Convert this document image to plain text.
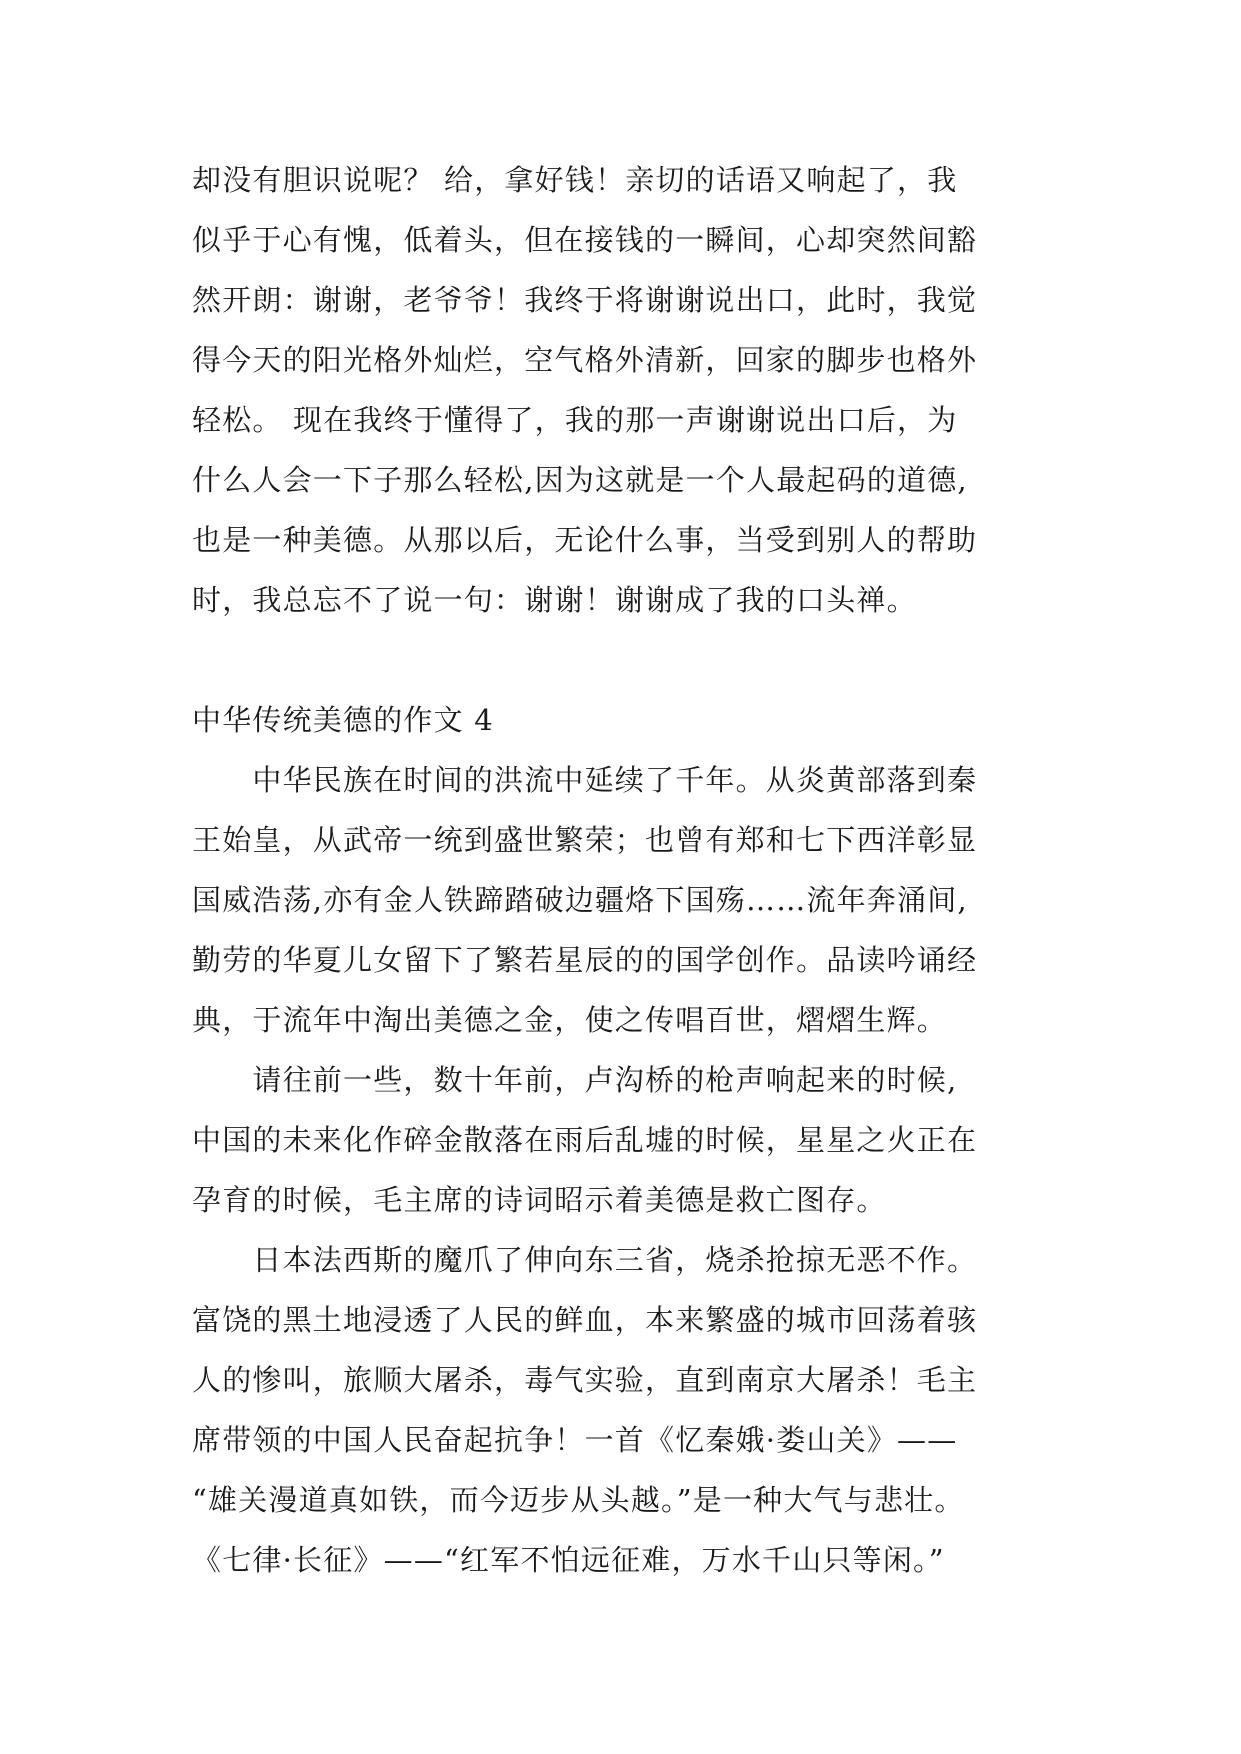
却没有胆识说呢？ 给，拿好钱！亲切的话语又响起了，我
似乎于心有愧，低着头，但在接钱的一瞬间，心却突然间豁
然开朗：谢谢，老爷爷！我终于将谢谢说出口，此时，我觉
得今天的阳光格外灿烂，空气格外清新，回家的脚步也格外
轻松。 现在我终于懂得了，我的那一声谢谢说出口后，为
什么人会一下子那么轻松,因为这就是一个人最起码的道德,
也是一种美德。从那以后，无论什么事，当受到别人的帮助
时，我总忘不了说一句：谢谢！谢谢成了我的口头禅。
中华传统美德的作文 4
　　中华民族在时间的洪流中延续了千年。从炎黄部落到秦
王始皇，从武帝一统到盛世繁荣；也曾有郑和七下西洋彰显
国威浩荡,亦有金人铁蹄踏破边疆烙下国殇……流年奔涌间,
勤劳的华夏儿女留下了繁若星辰的的国学创作。品读吟诵经
典，于流年中淘出美德之金，使之传唱百世，熠熠生辉。
　　请往前一些，数十年前，卢沟桥的枪声响起来的时候,
中国的未来化作碎金散落在雨后乱墟的时候，星星之火正在
孕育的时候，毛主席的诗词昭示着美德是救亡图存。
　　日本法西斯的魔爪了伸向东三省，烧杀抢掠无恶不作。
富饶的黑土地浸透了人民的鲜血，本来繁盛的城市回荡着骇
人的惨叫，旅顺大屠杀，毒气实验，直到南京大屠杀！毛主
席带领的中国人民奋起抗争！一首《忆秦娥·娄山关》——
“雄关漫道真如铁，而今迈步从头越。”是一种大气与悲壮。
《七律·长征》——“红军不怕远征难，万水千山只等闲。”
